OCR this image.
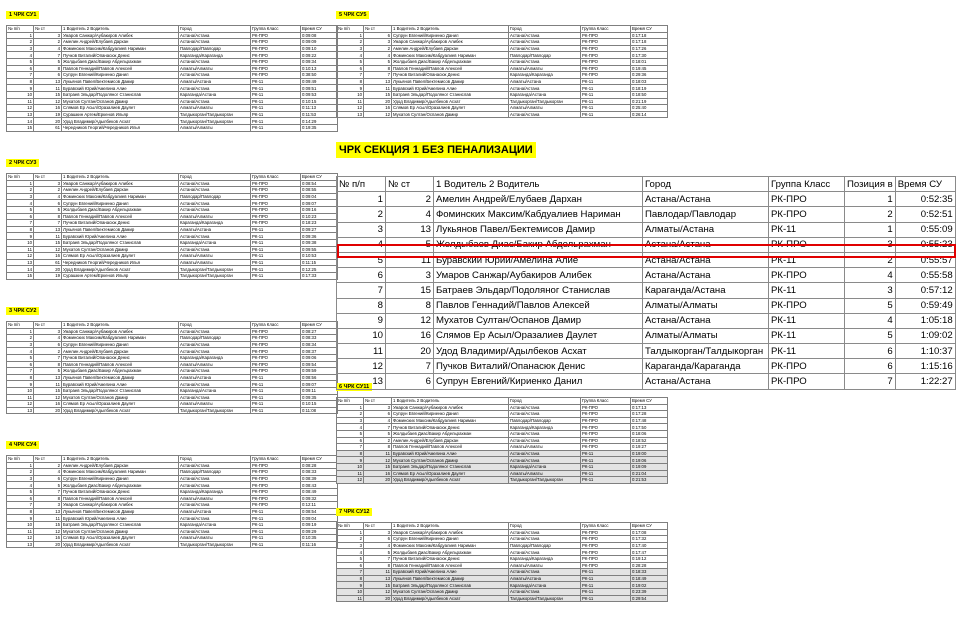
1 ЧРК СУ1
№ п/п	№ ст	1 Водитель 2 Водитель	Город	Группа Класс	Время СУ
1	3	Умаров Санжар/Аубакиров Алибек	Астана/Астана	РК-ПРО	0:09:08
2	2	Амелин Андрей/Елубаев Дархан	Астана/Астана	РК-ПРО	0:09:09
3	4	Фоминских Максим/Кабдуалиев Нариман	Павлодар/Павлодар	РК-ПРО	0:09:10
4	7	Пучков Виталий/Опанасюк Денис	Караганда/Караганда	РК-ПРО	0:09:22
5	5	Жолдыбаев Диас/Бакир Абдельрахман	Астана/Астана	РК-ПРО	0:09:34
6	8	Павлов Геннадий/Павлов Алексей	Алматы/Алматы	РК-ПРО	0:10:13
7	6	Супрун Евгений/Кириенко Данил	Астана/Астана	РК-ПРО	0:38:50
8	13	Лукьянов Павел/Бектемисов Дамир	Алматы/Астана	РК-11	0:09:49
9	11	Буравский Юрий/Амелина Алие	Астана/Астана	РК-11	0:09:51
10	15	Батраев Эльдар/Подоляног Станислав	Караганда/Астана	РК-11	0:09:53
11	12	Мухатов Султан/Оспанов Дамир	Астана/Астана	РК-11	0:10:15
12	16	Слямов Ер Асыл/Оразалиев Даулет	Алматы/Алматы	РК-11	0:11:13
13	19	Сурашкин Артем/Еркенов Ильяр	Талдыкорган/Талдыкорган	РК-11	0:11:53
14	20	Удод Владимир/Адылбеков Асхат	Талдыкорган/Талдыкорган	РК-11	0:14:29
15	61	Чередников Георгий/Чередников Илья	Алматы/Алматы	РК-11	0:19:35
2 ЧРК СУ3
№ п/п	№ ст	1 Водитель 2 Водитель	Город	Группа Класс	Время СУ
1	3	Умаров Санжар/Аубакиров Алибек	Астана/Астана	РК-ПРО	0:08:54
2	2	Амелин Андрей/Елубаев Дархан	Астана/Астана	РК-ПРО	0:08:55
3	4	Фоминских Максим/Кабдуалиев Нариман	Павлодар/Павлодар	РК-ПРО	0:09:04
4	6	Супрун Евгений/Кириенко Данил	Астана/Астана	РК-ПРО	0:09:07
5	5	Жолдыбаев Диас/Бакир Абдельрахман	Астана/Астана	РК-ПРО	0:09:16
6	8	Павлов Геннадий/Павлов Алексей	Алматы/Алматы	РК-ПРО	0:10:23
7	7	Пучков Виталий/Опанасюк Денис	Караганда/Караганда	РК-ПРО	0:18:23
8	13	Лукьянов Павел/Бектемисов Дамир	Алматы/Астана	РК-11	0:09:27
9	11	Буравский Юрий/Амелина Алие	Астана/Астана	РК-11	0:09:36
10	15	Батраев Эльдар/Подоляног Станислав	Караганда/Астана	РК-11	0:09:38
11	12	Мухатов Султан/Оспанов Дамир	Астана/Астана	РК-11	0:09:55
12	16	Слямов Ер Асыл/Оразалиев Даулет	Алматы/Алматы	РК-11	0:10:53
13	61	Чередников Георгий/Чередников Илья	Алматы/Алматы	РК-11	0:11:15
14	20	Удод Владимир/Адылбеков Асхат	Талдыкорган/Талдыкорган	РК-11	0:12:25
15	19	Сурашкин Артем/Еркенов Ильяр	Талдыкорган/Талдыкорган	РК-11	0:17:33
3 ЧРК СУ2
№ п/п	№ ст	1 Водитель 2 Водитель	Город	Группа Класс	Время СУ
1	3	Умаров Санжар/Аубакиров Алибек	Астана/Астана	РК-ПРО	0:08:27
2	4	Фоминских Максим/Кабдуалиев Нариман	Павлодар/Павлодар	РК-ПРО	0:08:33
3	6	Супрун Евгений/Кириенко Данил	Астана/Астана	РК-ПРО	0:08:34
4	2	Амелин Андрей/Елубаев Дархан	Астана/Астана	РК-ПРО	0:08:37
5	7	Пучков Виталий/Опанасюк Денис	Караганда/Караганда	РК-ПРО	0:09:06
6	8	Павлов Геннадий/Павлов Алексей	Алматы/Алматы	РК-ПРО	0:09:54
7	5	Жолдыбаев Диас/Бакир Абдельрахман	Астана/Астана	РК-ПРО	0:09:59
8	13	Лукьянов Павел/Бектемисов Дамир	Алматы/Астана	РК-11	0:08:56
9	11	Буравский Юрий/Амелина Алие	Астана/Астана	РК-11	0:09:07
10	15	Батраев Эльдар/Подоляног Станислав	Караганда/Астана	РК-11	0:09:11
11	12	Мухатов Султан/Оспанов Дамир	Астана/Астана	РК-11	0:09:35
12	16	Слямов Ер Асыл/Оразалиев Даулет	Алматы/Алматы	РК-11	0:10:15
13	20	Удод Владимир/Адылбеков Асхат	Талдыкорган/Талдыкорган	РК-11	0:11:08
4 ЧРК СУ4
№ п/п	№ ст	1 Водитель 2 Водитель	Город	Группа Класс	Время СУ
1	2	Амелин Андрей/Елубаев Дархан	Астана/Астана	РК-ПРО	0:08:28
2	4	Фоминских Максим/Кабдуалиев Нариман	Павлодар/Павлодар	РК-ПРО	0:08:33
3	6	Супрун Евгений/Кириенко Данил	Астана/Астана	РК-ПРО	0:08:39
4	5	Жолдыбаев Диас/Бакир Абдельрахман	Астана/Астана	РК-ПРО	0:08:43
5	7	Пучков Виталий/Опанасюк Денис	Караганда/Караганда	РК-ПРО	0:08:49
6	8	Павлов Геннадий/Павлов Алексей	Алматы/Алматы	РК-ПРО	0:09:32
7	3	Умаров Санжар/Аубакиров Алибек	Астана/Астана	РК-ПРО	0:12:11
8	13	Лукьянов Павел/Бектемисов Дамир	Алматы/Астана	РК-11	0:08:54
9	11	Буравский Юрий/Амелина Алие	Астана/Астана	РК-11	0:09:04
10	15	Батраев Эльдар/Подоляног Станислав	Караганда/Астана	РК-11	0:09:19
11	12	Мухатов Султан/Оспанов Дамир	Астана/Астана	РК-11	0:09:29
12	16	Слямов Ер Асыл/Оразалиев Даулет	Алматы/Алматы	РК-11	0:10:35
13	20	Удод Владимир/Адылбеков Асхат	Талдыкорган/Талдыкорган	РК-11	0:11:16
5 ЧРК СУ5
№ п/п	№ ст	1 Водитель 2 Водитель	Город	Группа Класс	Время СУ
1	6	Супрун Евгений/Кириенко Данил	Астана/Астана	РК-ПРО	0:17:18
2	3	Умаров Санжар/Аубакиров Алибек	Астана/Астана	РК-ПРО	0:17:18
3	2	Амелин Андрей/Елубаев Дархан	Астана/Астана	РК-ПРО	0:17:26
4	4	Фоминских Максим/Кабдуалиев Нариман	Павлодар/Павлодар	РК-ПРО	0:17:30
5	5	Жолдыбаев Диас/Бакир Абдельрахман	Астана/Астана	РК-ПРО	0:18:01
6	8	Павлов Геннадий/Павлов Алексей	Алматы/Алматы	РК-ПРО	0:19:45
7	7	Пучков Виталий/Опанасюк Денис	Караганда/Караганда	РК-ПРО	0:29:36
8	13	Лукьянов Павел/Бектемисов Дамир	Алматы/Астана	РК-11	0:18:03
9	11	Буравский Юрий/Амелина Алие	Астана/Астана	РК-11	0:18:19
10	15	Батраев Эльдар/Подоляног Станислав	Караганда/Астана	РК-11	0:18:50
11	20	Удод Владимир/Адылбеков Асхат	Талдыкорган/Талдыкорган	РК-11	0:21:19
12	16	Слямов Ер Асыл/Оразалиев Даулет	Алматы/Алматы	РК-11	0:25:40
13	12	Мухатов Султан/Оспанов Дамир	Астана/Астана	РК-11	0:26:14
6 ЧРК СУ11
№ п/п	№ ст	1 Водитель 2 Водитель	Город	Группа Класс	Время СУ
1	3	Умаров Санжар/Аубакиров Алибек	Астана/Астана	РК-ПРО	0:17:13
2	6	Супрун Евгений/Кириенко Данил	Астана/Астана	РК-ПРО	0:17:28
3	4	Фоминских Максим/Кабдуалиев Нариман	Павлодар/Павлодар	РК-ПРО	0:17:48
4	7	Пучков Виталий/Опанасюк Денис	Караганда/Караганда	РК-ПРО	0:17:50
5	5	Жолдыбаев Диас/Бакир Абдельрахман	Астана/Астана	РК-ПРО	0:18:06
6	2	Амелин Андрей/Елубаев Дархан	Астана/Астана	РК-ПРО	0:18:52
7	8	Павлов Геннадий/Павлов Алексей	Алматы/Алматы	РК-ПРО	0:19:27
8	11	Буравский Юрий/Амелина Алие	Астана/Астана	РК-11	0:19:00
9	12	Мухатов Султан/Оспанов Дамир	Астана/Астана	РК-11	0:19:06
10	15	Батраев Эльдар/Подоляног Станислав	Караганда/Астана	РК-11	0:19:09
11	16	Слямов Ер Асыл/Оразалиев Даулет	Алматы/Алматы	РК-11	0:21:04
12	20	Удод Владимир/Адылбеков Асхат	Талдыкорган/Талдыкорган	РК-11	0:21:53
7 ЧРК СУ12
№ п/п	№ ст	1 Водитель 2 Водитель	Город	Группа Класс	Время СУ
1	3	Умаров Санжар/Аубакиров Алибек	Астана/Астана	РК-ПРО	0:17:08
2	6	Супрун Евгений/Кириенко Данил	Астана/Астана	РК-ПРО	0:17:32
3	4	Фоминских Максим/Кабдуалиев Нариман	Павлодар/Павлодар	РК-ПРО	0:17:40
4	5	Жолдыбаев Диас/Бакир Абдельрахман	Астана/Астана	РК-ПРО	0:17:47
5	7	Пучков Виталий/Опанасюк Денис	Караганда/Караганда	РК-ПРО	0:19:12
6	8	Павлов Геннадий/Павлов Алексей	Алматы/Алматы	РК-ПРО	0:28:28
7	11	Буравский Юрий/Амелина Алие	Астана/Астана	РК-11	0:18:33
8	13	Лукьянов Павел/Бектемисов Дамир	Алматы/Астана	РК-11	0:18:49
9	15	Батраев Эльдар/Подоляног Станислав	Караганда/Астана	РК-11	0:19:02
10	12	Мухатов Султан/Оспанов Дамир	Астана/Астана	РК-11	0:23:39
11	20	Удод Владимир/Адылбеков Асхат	Талдыкорган/Талдыкорган	РК-11	0:29:54
ЧРК СЕКЦИЯ 1 БЕЗ ПЕНАЛИЗАЦИИ
№ п/п	№ ст	1 Водитель 2 Водитель	Город	Группа Класс	Позиция в	Время СУ
1	2	Амелин Андрей/Елубаев Дархан	Астана/Астана	РК-ПРО	1	0:52:35
2	4	Фоминских Максим/Кабдуалиев Нариман	Павлодар/Павлодар	РК-ПРО	2	0:52:51
3	13	Лукьянов Павел/Бектемисов Дамир	Алматы/Астана	РК-11	1	0:55:09
4	5	Жолдыбаев Диас/Бакир Абдельрахман	Астана/Астана	РК-ПРО	3	0:55:23
5	11	Буравский Юрий/Амелина Алие	Астана/Астана	РК-11	2	0:55:57
6	3	Умаров Санжар/Аубакиров Алибек	Астана/Астана	РК-ПРО	4	0:55:58
7	15	Батраев Эльдар/Подоляног Станислав	Караганда/Астана	РК-11	3	0:57:12
8	8	Павлов Геннадий/Павлов Алексей	Алматы/Алматы	РК-ПРО	5	0:59:49
9	12	Мухатов Султан/Оспанов Дамир	Астана/Астана	РК-11	4	1:05:18
10	16	Слямов Ер Асыл/Оразалиев Даулет	Алматы/Алматы	РК-11	5	1:09:02
11	20	Удод Владимир/Адылбеков Асхат	Талдыкорган/Талдыкорган	РК-11	6	1:10:37
12	7	Пучков Виталий/Опанасюк Денис	Караганда/Караганда	РК-ПРО	6	1:15:16
13	6	Супрун Евгений/Кириенко Данил	Астана/Астана	РК-ПРО	7	1:22:27
